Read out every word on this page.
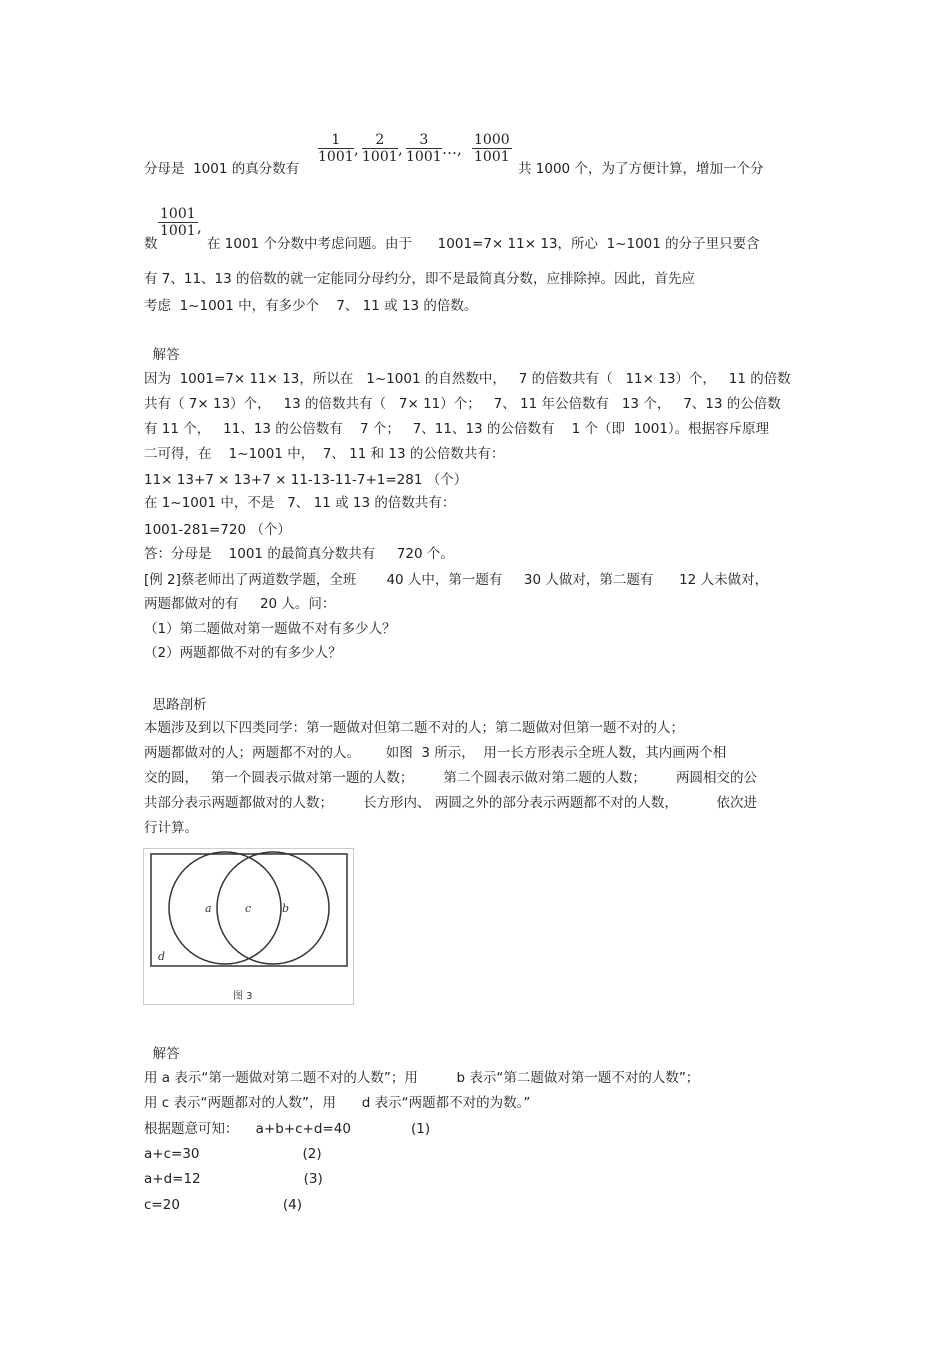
$\frac{1}{1001}$ , $\frac{2}{1001}$ , $\frac{3}{1001}$ …, $\frac{1000}{1001}$
分母是  1001 的真分数有	共 1000 个，为了方便计算，增加一个分
$\frac{1001}{1001}$ ,
数	在 1001 个分数中考虑问题。由于      1001=7× 11× 13，所心  1~1001 的分子里只要含
有 7、11、13 的倍数的就一定能同分母约分，即不是最简真分数，应排除掉。因此，首先应
考虑  1~1001 中，有多少个    7、 11 或 13 的倍数。
解答
因为  1001=7× 11× 13，所以在   1~1001 的自然数中，   7 的倍数共有（   11× 13）个，   11 的倍数
共有（ 7× 13）个，   13 的倍数共有（   7× 11）个；   7、 11 年公倍数有   13 个，   7、13 的公倍数
有 11 个，   11、13 的公倍数有    7 个；   7、11、13 的公倍数有    1 个（即  1001）。根据容斥原理
二可得，在    1~1001 中，  7、 11 和 13 的公倍数共有：
11× 13+7 × 13+7 × 11-13-11-7+1=281 （个）
在 1~1001 中，不是   7、 11 或 13 的倍数共有：
1001-281=720 （个）
答：分母是    1001 的最简真分数共有     720 个。
[例 2]蔡老师出了两道数学题，全班       40 人中，第一题有     30 人做对，第二题有      12 人未做对，
两题都做对的有     20 人。问：
（1）第二题做对第一题做不对有多少人？
（2）两题都做不对的有多少人？
思路剖析
本题涉及到以下四类同学：第一题做对但第二题不对的人；第二题做对但第一题不对的人；
两题都做对的人；两题都不对的人。      如图  3 所示，  用一长方形表示全班人数，其内画两个相
交的圆，   第一个圆表示做对第一题的人数；       第二个圆表示做对第二题的人数；       两圆相交的公
共部分表示两题都做对的人数；       长方形内、 两圆之外的部分表示两题都不对的人数，         依次进
行计算。
a	c	b
d
图 3
解答
用 a 表示“第一题做对第二题不对的人数”；用         b 表示“第二题做对第一题不对的人数”；
用 c 表示“两题都对的人数”，用      d 表示“两题都不对的为数。”
根据题意可知：    a+b+c+d=40              (1)
a+c=30                        (2)
a+d=12                        (3)
c=20                        (4)
